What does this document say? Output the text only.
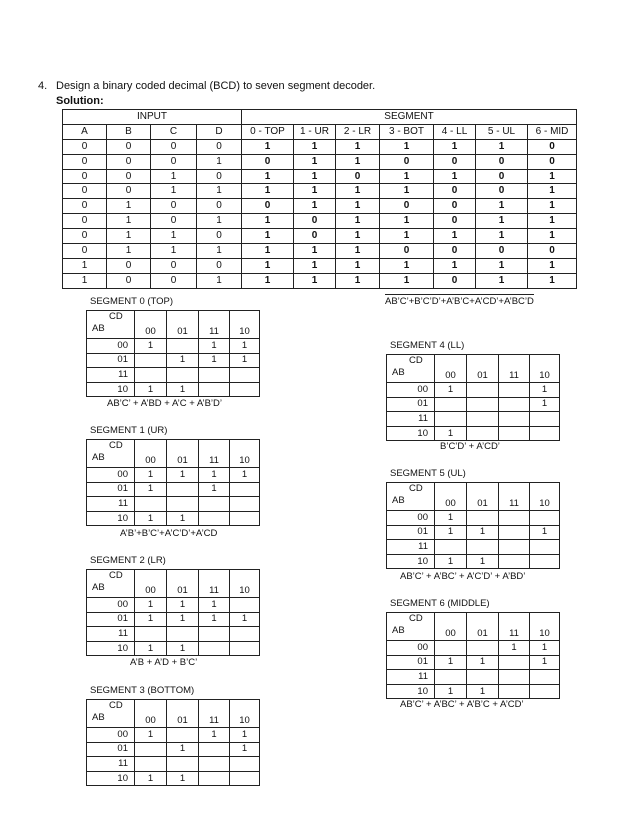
4. Design a binary coded decimal (BCD) to seven segment decoder.
Solution:
INPUT				SEGMENT						
A	B	C	D	0 - TOP	1 - UR	2 - LR	3 - BOT	4 - LL	5 - UL	6 - MID
0	0	0	0	1	1	1	1	1	1	0
0	0	0	1	0	1	1	0	0	0	0
0	0	1	0	1	1	0	1	1	0	1
0	0	1	1	1	1	1	1	0	0	1
0	1	0	0	0	1	1	0	0	1	1
0	1	0	1	1	0	1	1	0	1	1
0	1	1	0	1	0	1	1	1	1	1
0	1	1	1	1	1	1	0	0	0	0
1	0	0	0	1	1	1	1	1	1	1
1	0	0	1	1	1	1	1	0	1	1
SEGMENT 0 (TOP)
CD
AB	00	01	11	10
00	1		1	1
01		1	1	1
11				
10	1	1		
AB’C’ + A’BD + A’C + A’B’D’
SEGMENT 1 (UR)
CD
AB	00	01	11	10
00	1	1	1	1
01	1		1	
11				
10	1	1		
A’B’+B’C’+A’C’D’+A’CD
SEGMENT 2 (LR)
CD
AB	00	01	11	10
00	1	1	1	
01	1	1	1	1
11				
10	1	1		
A’B + A’D + B’C’
SEGMENT 3 (BOTTOM)
CD
AB	00	01	11	10
00	1		1	1
01		1		1
11				
10	1	1		
SEGMENT 4 (LL)
CD
AB	00	01	11	10
00	1			1
01				1
11				
10	1			
B’C’D’ + A’CD’
SEGMENT 5 (UL)
CD
AB	00	01	11	10
00	1			
01	1	1		1
11				
10	1	1		
AB’C’ + A’BC’ + A’C’D’ + A’BD’
SEGMENT 6 (MIDDLE)
CD
AB	00	01	11	10
00			1	1
01	1	1		1
11				
10	1	1		
AB’C’ + A’BC’ + A’B’C + A’CD’
AB’C’+B’C’D’+A’B’C+A’CD’+A’BC’D
